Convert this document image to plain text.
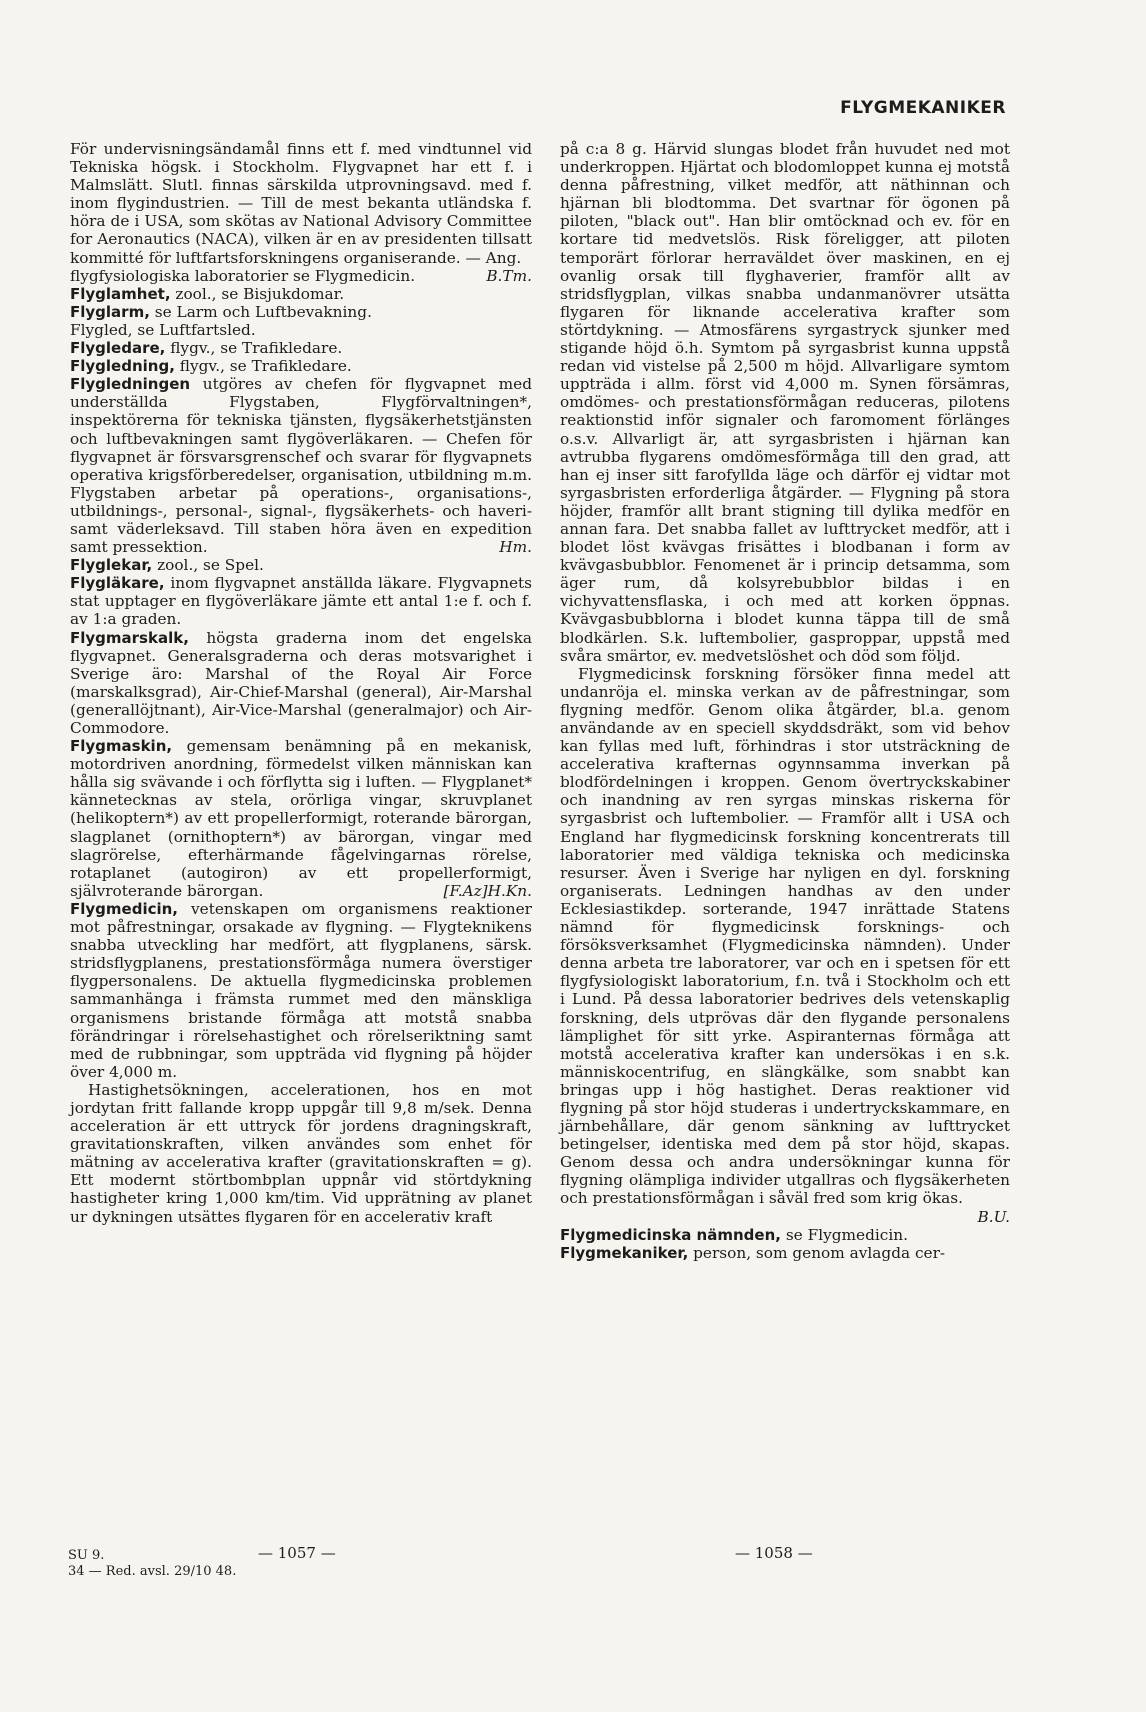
FLYGMEKANIKER

För undervisningsändamål finns ett f. med vindtunnel vid Tekniska högsk. i Stockholm. Flygvapnet har ett f. i Malmslätt. Slutl. finnas särskilda utprovningsavd. med f. inom flygindustrien. — Till de mest bekanta utländska f. höra de i USA, som skötas av National Advisory Committee for Aeronautics (NACA), vilken är en av presidenten tillsatt kommitté för luftfartsforskningens organiserande. — Ang.

flygfysiologiska laboratorier se Flygmedicin.	B.Tm.

Flyglamhet, zool., se Bisjukdomar.

Flyglarm, se Larm och Luftbevakning.

Flygled, se Luftfartsled.

Flygledare, flygv., se Trafikledare.

Flygledning, flygv., se Trafikledare.

Flygledningen utgöres av chefen för flygvapnet med underställda Flygstaben, Flygförvaltningen*, inspektörerna för tekniska tjänsten, flygsäkerhetstjänsten och luftbevakningen samt flygöverläkaren. — Chefen för flygvapnet är försvarsgrenschef och svarar för flygvapnets operativa krigsförberedelser, organisation, utbildning m.m. Flygstaben arbetar på operations-, organisations-, utbildnings-, personal-, signal-, flygsäkerhets- och haveri- samt väderleksavd. Till staben höra även en expedition samt pressektion.	Hm.

Flyglekar, zool., se Spel.

Flygläkare, inom flygvapnet anställda läkare. Flygvapnets stat upptager en flygöverläkare jämte ett antal 1:e f. och f. av 1:a graden.

Flygmarskalk, högsta graderna inom det engelska flygvapnet. Generalsgraderna och deras motsvarighet i Sverige äro: Marshal of the Royal Air Force (marskalksgrad), Air-Chief-Marshal (general), Air-Marshal (generallöjtnant), Air-Vice-Marshal (generalmajor) och Air-Commodore.

Flygmaskin, gemensam benämning på en mekanisk, motordriven anordning, förmedelst vilken människan kan hålla sig svävande i och förflytta sig i luften. — Flygplanet* kännetecknas av stela, orörliga vingar, skruvplanet (helikoptern*) av ett propellerformigt, roterande bärorgan, slagplanet (ornithoptern*) av bärorgan, vingar med slagrörelse, efterhärmande fågelvingarnas rörelse, rotaplanet (autogiron) av ett propellerformigt, självroterande bärorgan.	[F.Az]H.Kn.

Flygmedicin, vetenskapen om organismens reaktioner mot påfrestningar, orsakade av flygning. — Flygteknikens snabba utveckling har medfört, att flygplanens, särsk. stridsflygplanens, prestationsförmåga numera överstiger flygpersonalens. De aktuella flygmedicinska problemen sammanhänga i främsta rummet med den mänskliga organismens bristande förmåga att motstå snabba förändringar i rörelsehastighet och rörelseriktning samt med de rubbningar, som uppträda vid flygning på höjder över 4,000 m.

Hastighetsökningen, accelerationen, hos en mot jordytan fritt fallande kropp uppgår till 9,8 m/sek. Denna acceleration är ett uttryck för jordens dragningskraft, gravitationskraften, vilken användes som enhet för mätning av accelerativa krafter (gravitationskraften = g). Ett modernt störtbombplan uppnår vid störtdykning hastigheter kring 1,000 km/tim. Vid upprätning av planet ur dykningen utsättes flygaren för en accelerativ kraft

på c:a 8 g. Härvid slungas blodet från huvudet ned mot underkroppen. Hjärtat och blodomloppet kunna ej motstå denna påfrestning, vilket medför, att näthinnan och hjärnan bli blodtomma. Det svartnar för ögonen på piloten, "black out". Han blir omtöcknad och ev. för en kortare tid medvetslös. Risk föreligger, att piloten temporärt förlorar herraväldet över maskinen, en ej ovanlig orsak till flyghaverier, framför allt av stridsflygplan, vilkas snabba undanmanövrer utsätta flygaren för liknande accelerativa krafter som störtdykning. — Atmosfärens syrgastryck sjunker med stigande höjd ö.h. Symtom på syrgasbrist kunna uppstå redan vid vistelse på 2,500 m höjd. Allvarligare symtom uppträda i allm. först vid 4,000 m. Synen försämras, omdömes- och prestationsförmågan reduceras, pilotens reaktionstid inför signaler och faromoment förlänges o.s.v. Allvarligt är, att syrgasbristen i hjärnan kan avtrubba flygarens omdömesförmåga till den grad, att han ej inser sitt farofyllda läge och därför ej vidtar mot syrgasbristen erforderliga åtgärder. — Flygning på stora höjder, framför allt brant stigning till dylika medför en annan fara. Det snabba fallet av lufttrycket medför, att i blodet löst kvävgas frisättes i blodbanan i form av kvävgasbubblor. Fenomenet är i princip detsamma, som äger rum, då kolsyrebubblor bildas i en vichyvattensflaska, i och med att korken öppnas. Kvävgasbubblorna i blodet kunna täppa till de små blodkärlen. S.k. luftembolier, gasproppar, uppstå med svåra smärtor, ev. medvetslöshet och död som följd.

Flygmedicinsk forskning försöker finna medel att undanröja el. minska verkan av de påfrestningar, som flygning medför. Genom olika åtgärder, bl.a. genom användande av en speciell skyddsdräkt, som vid behov kan fyllas med luft, förhindras i stor utsträckning de accelerativa krafternas ogynnsamma inverkan på blodfördelningen i kroppen. Genom övertryckskabiner och inandning av ren syrgas minskas riskerna för syrgasbrist och luftembolier. — Framför allt i USA och England har flygmedicinsk forskning koncentrerats till laboratorier med väldiga tekniska och medicinska resurser. Även i Sverige har nyligen en dyl. forskning organiserats. Ledningen handhas av den under Ecklesiastikdep. sorterande, 1947 inrättade Statens nämnd för flygmedicinsk forsknings- och försöksverksamhet (Flygmedicinska nämnden). Under denna arbeta tre laboratorer, var och en i spetsen för ett flygfysiologiskt laboratorium, f.n. två i Stockholm och ett i Lund. På dessa laboratorier bedrives dels vetenskaplig forskning, dels utprövas där den flygande personalens lämplighet för sitt yrke. Aspiranternas förmåga att motstå accelerativa krafter kan undersökas i en s.k. människocentrifug, en slängkälke, som snabbt kan bringas upp i hög hastighet. Deras reaktioner vid flygning på stor höjd studeras i undertryckskammare, en järnbehållare, där genom sänkning av lufttrycket betingelser, identiska med dem på stor höjd, skapas. Genom dessa och andra undersökningar kunna för flygning olämpliga individer utgallras och flygsäkerheten och prestationsförmågan i såväl fred som krig ökas.
B.U.

Flygmedicinska nämnden, se Flygmedicin.

Flygmekaniker, person, som genom avlagda cer-

SU 9.
34 — Red. avsl. 29/10 48.
— 1057 —	— 1058 —
